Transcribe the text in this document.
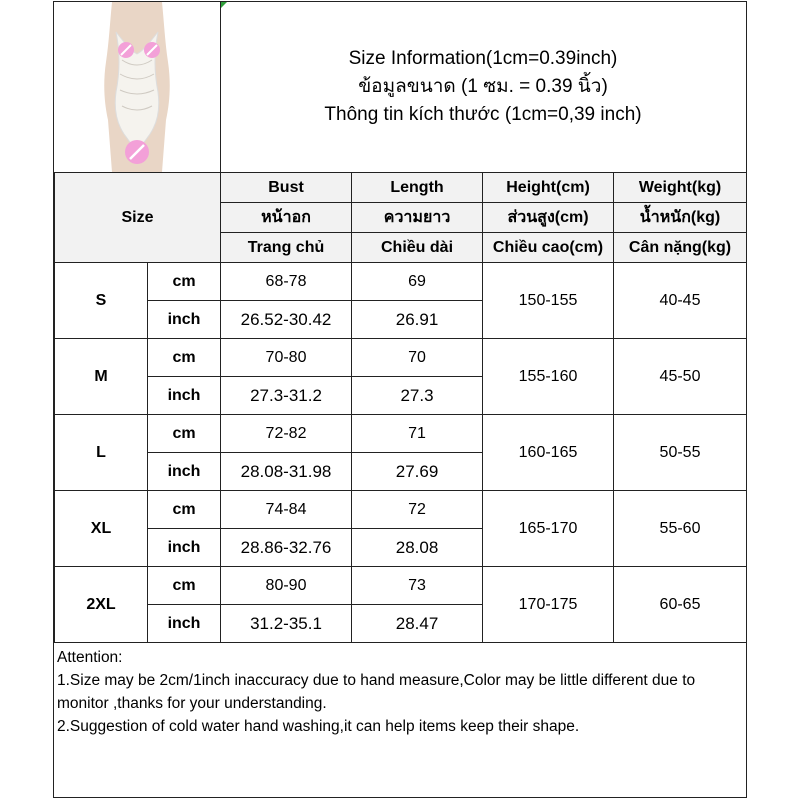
Size Information(1cm=0.39inch)
ข้อมูลขนาด (1 ซม. = 0.39 นิ้ว)
Thông tin kích thước (1cm=0,39 inch)
Size		Bust	Length	Height(cm)	Weight(kg)
		หน้าอก	ความยาว	ส่วนสูง(cm)	น้ำหนัก(kg)
		Trang chủ	Chiều dài	Chiều cao(cm)	Cân nặng(kg)
S	cm	68-78	69	150-155	40-45
	inch	26.52-30.42	26.91		
M	cm	70-80	70	155-160	45-50
	inch	27.3-31.2	27.3		
L	cm	72-82	71	160-165	50-55
	inch	28.08-31.98	27.69		
XL	cm	74-84	72	165-170	55-60
	inch	28.86-32.76	28.08		
2XL	cm	80-90	73	170-175	60-65
	inch	31.2-35.1	28.47		
Attention:
1.Size may be 2cm/1inch inaccuracy due to hand measure,Color may be little different due to monitor ,thanks for your understanding.
2.Suggestion of cold water hand washing,it can help items keep their shape.
